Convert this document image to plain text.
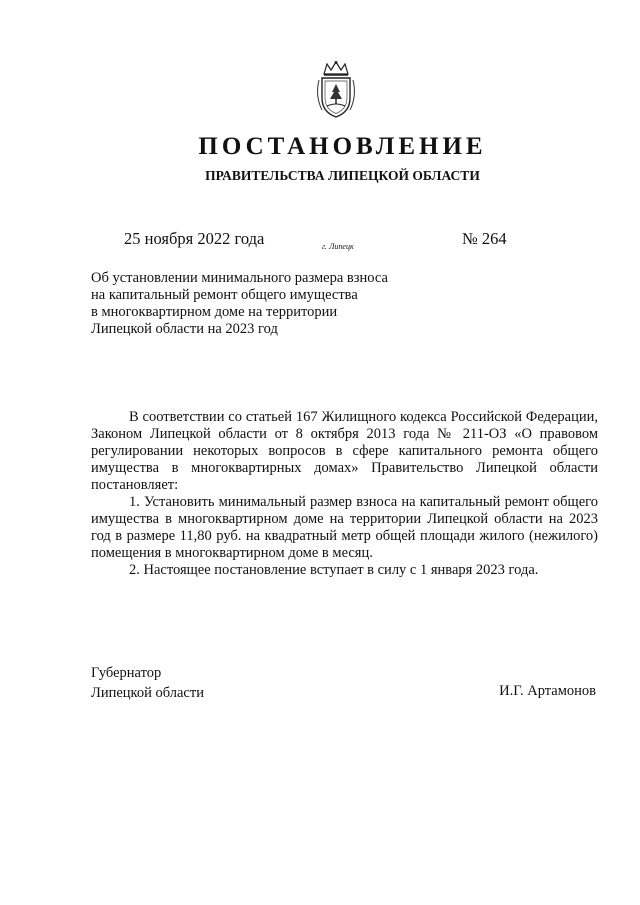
ПОСТАНОВЛЕНИЕ
ПРАВИТЕЛЬСТВА ЛИПЕЦКОЙ ОБЛАСТИ
25 ноября 2022 года	г. Липецк	№ 264
Об установлении минимального размера взноса
на капитальный ремонт общего имущества
в многоквартирном доме на территории
Липецкой области на 2023 год

В соответствии со статьей 167 Жилищного кодекса Российской Федерации, Законом Липецкой области от 8 октября 2013 года № 211-ОЗ «О правовом регулировании некоторых вопросов в сфере капитального ремонта общего имущества в многоквартирных домах» Правительство Липецкой области постановляет:

1. Установить минимальный размер взноса на капитальный ремонт общего имущества в многоквартирном доме на территории Липецкой области на 2023 год в размере 11,80 руб. на квадратный метр общей площади жилого (нежилого) помещения в многоквартирном доме в месяц.

2. Настоящее постановление вступает в силу с 1 января 2023 года.

Губернатор
Липецкой области	И.Г. Артамонов
